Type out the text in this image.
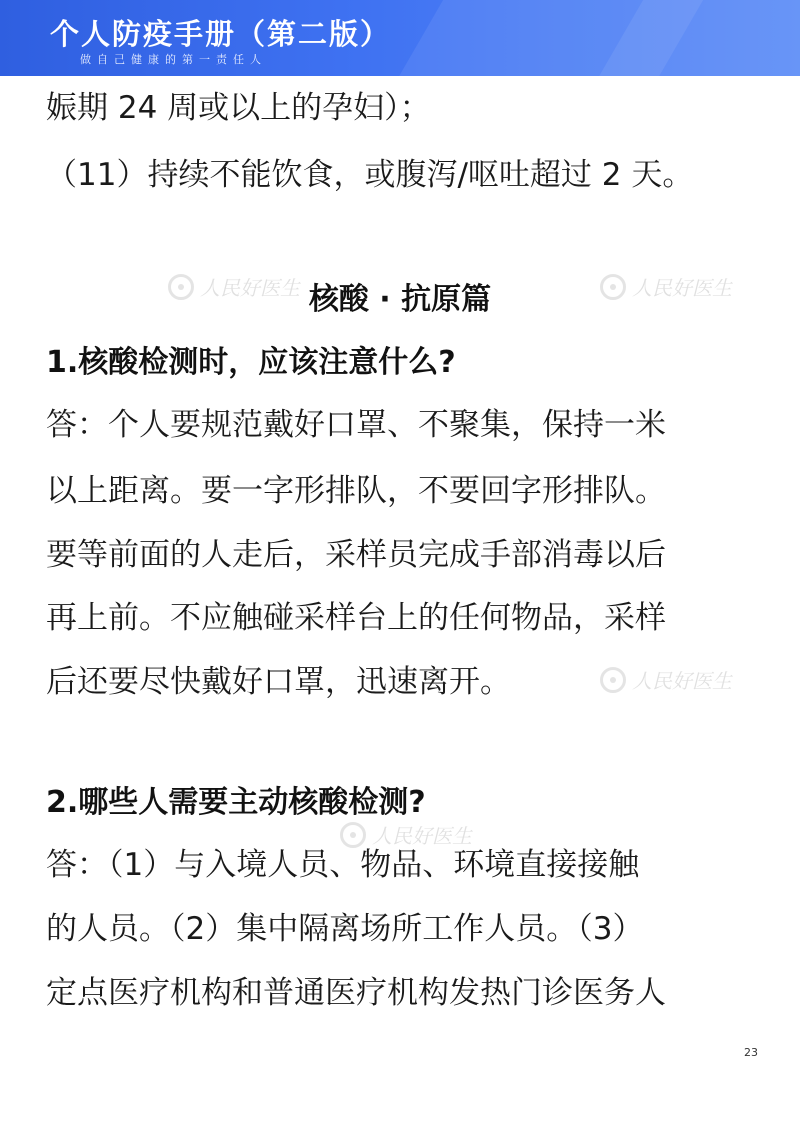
个人防疫手册（第二版）
做自己健康的第一责任人
娠期 24 周或以上的孕妇）；
（11）持续不能饮食，或腹泻/呕吐超过 2 天。
人民好医生	人民好医生
核酸 · 抗原篇
1.核酸检测时，应该注意什么?
答：个人要规范戴好口罩、不聚集，保持一米
以上距离。要一字形排队，不要回字形排队。
要等前面的人走后，采样员完成手部消毒以后
再上前。不应触碰采样台上的任何物品，采样
后还要尽快戴好口罩，迅速离开。	人民好医生
2.哪些人需要主动核酸检测?
人民好医生
答：（1）与入境人员、物品、环境直接接触
的人员。（2）集中隔离场所工作人员。（3）
定点医疗机构和普通医疗机构发热门诊医务人
23
